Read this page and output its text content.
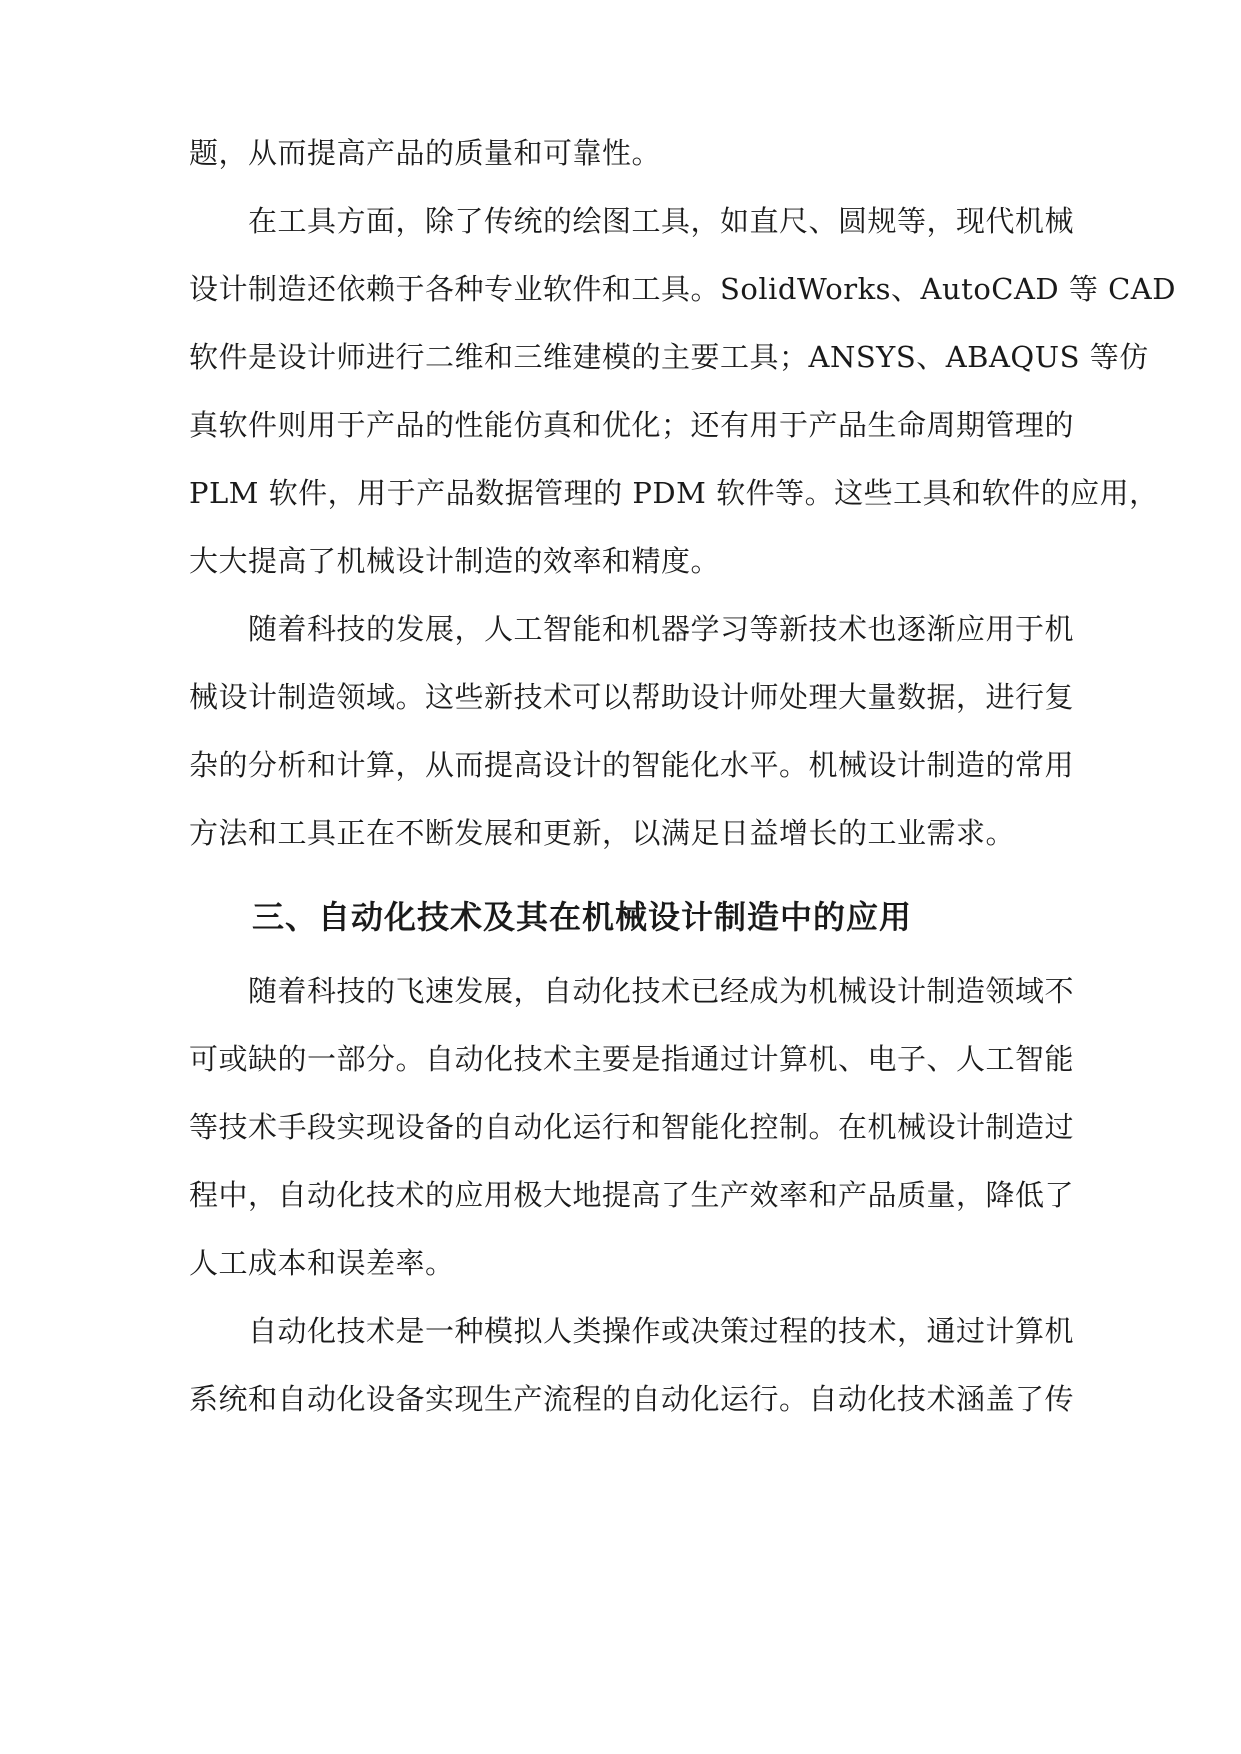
题，从而提高产品的质量和可靠性。
在工具方面，除了传统的绘图工具，如直尺、圆规等，现代机械
设计制造还依赖于各种专业软件和工具。SolidWorks、AutoCAD 等 CAD
软件是设计师进行二维和三维建模的主要工具；ANSYS、ABAQUS 等仿
真软件则用于产品的性能仿真和优化；还有用于产品生命周期管理的
PLM 软件，用于产品数据管理的 PDM 软件等。这些工具和软件的应用，
大大提高了机械设计制造的效率和精度。
随着科技的发展，人工智能和机器学习等新技术也逐渐应用于机
械设计制造领域。这些新技术可以帮助设计师处理大量数据，进行复
杂的分析和计算，从而提高设计的智能化水平。机械设计制造的常用
方法和工具正在不断发展和更新，以满足日益增长的工业需求。
三、自动化技术及其在机械设计制造中的应用
随着科技的飞速发展，自动化技术已经成为机械设计制造领域不
可或缺的一部分。自动化技术主要是指通过计算机、电子、人工智能
等技术手段实现设备的自动化运行和智能化控制。在机械设计制造过
程中，自动化技术的应用极大地提高了生产效率和产品质量，降低了
人工成本和误差率。
自动化技术是一种模拟人类操作或决策过程的技术，通过计算机
系统和自动化设备实现生产流程的自动化运行。自动化技术涵盖了传
